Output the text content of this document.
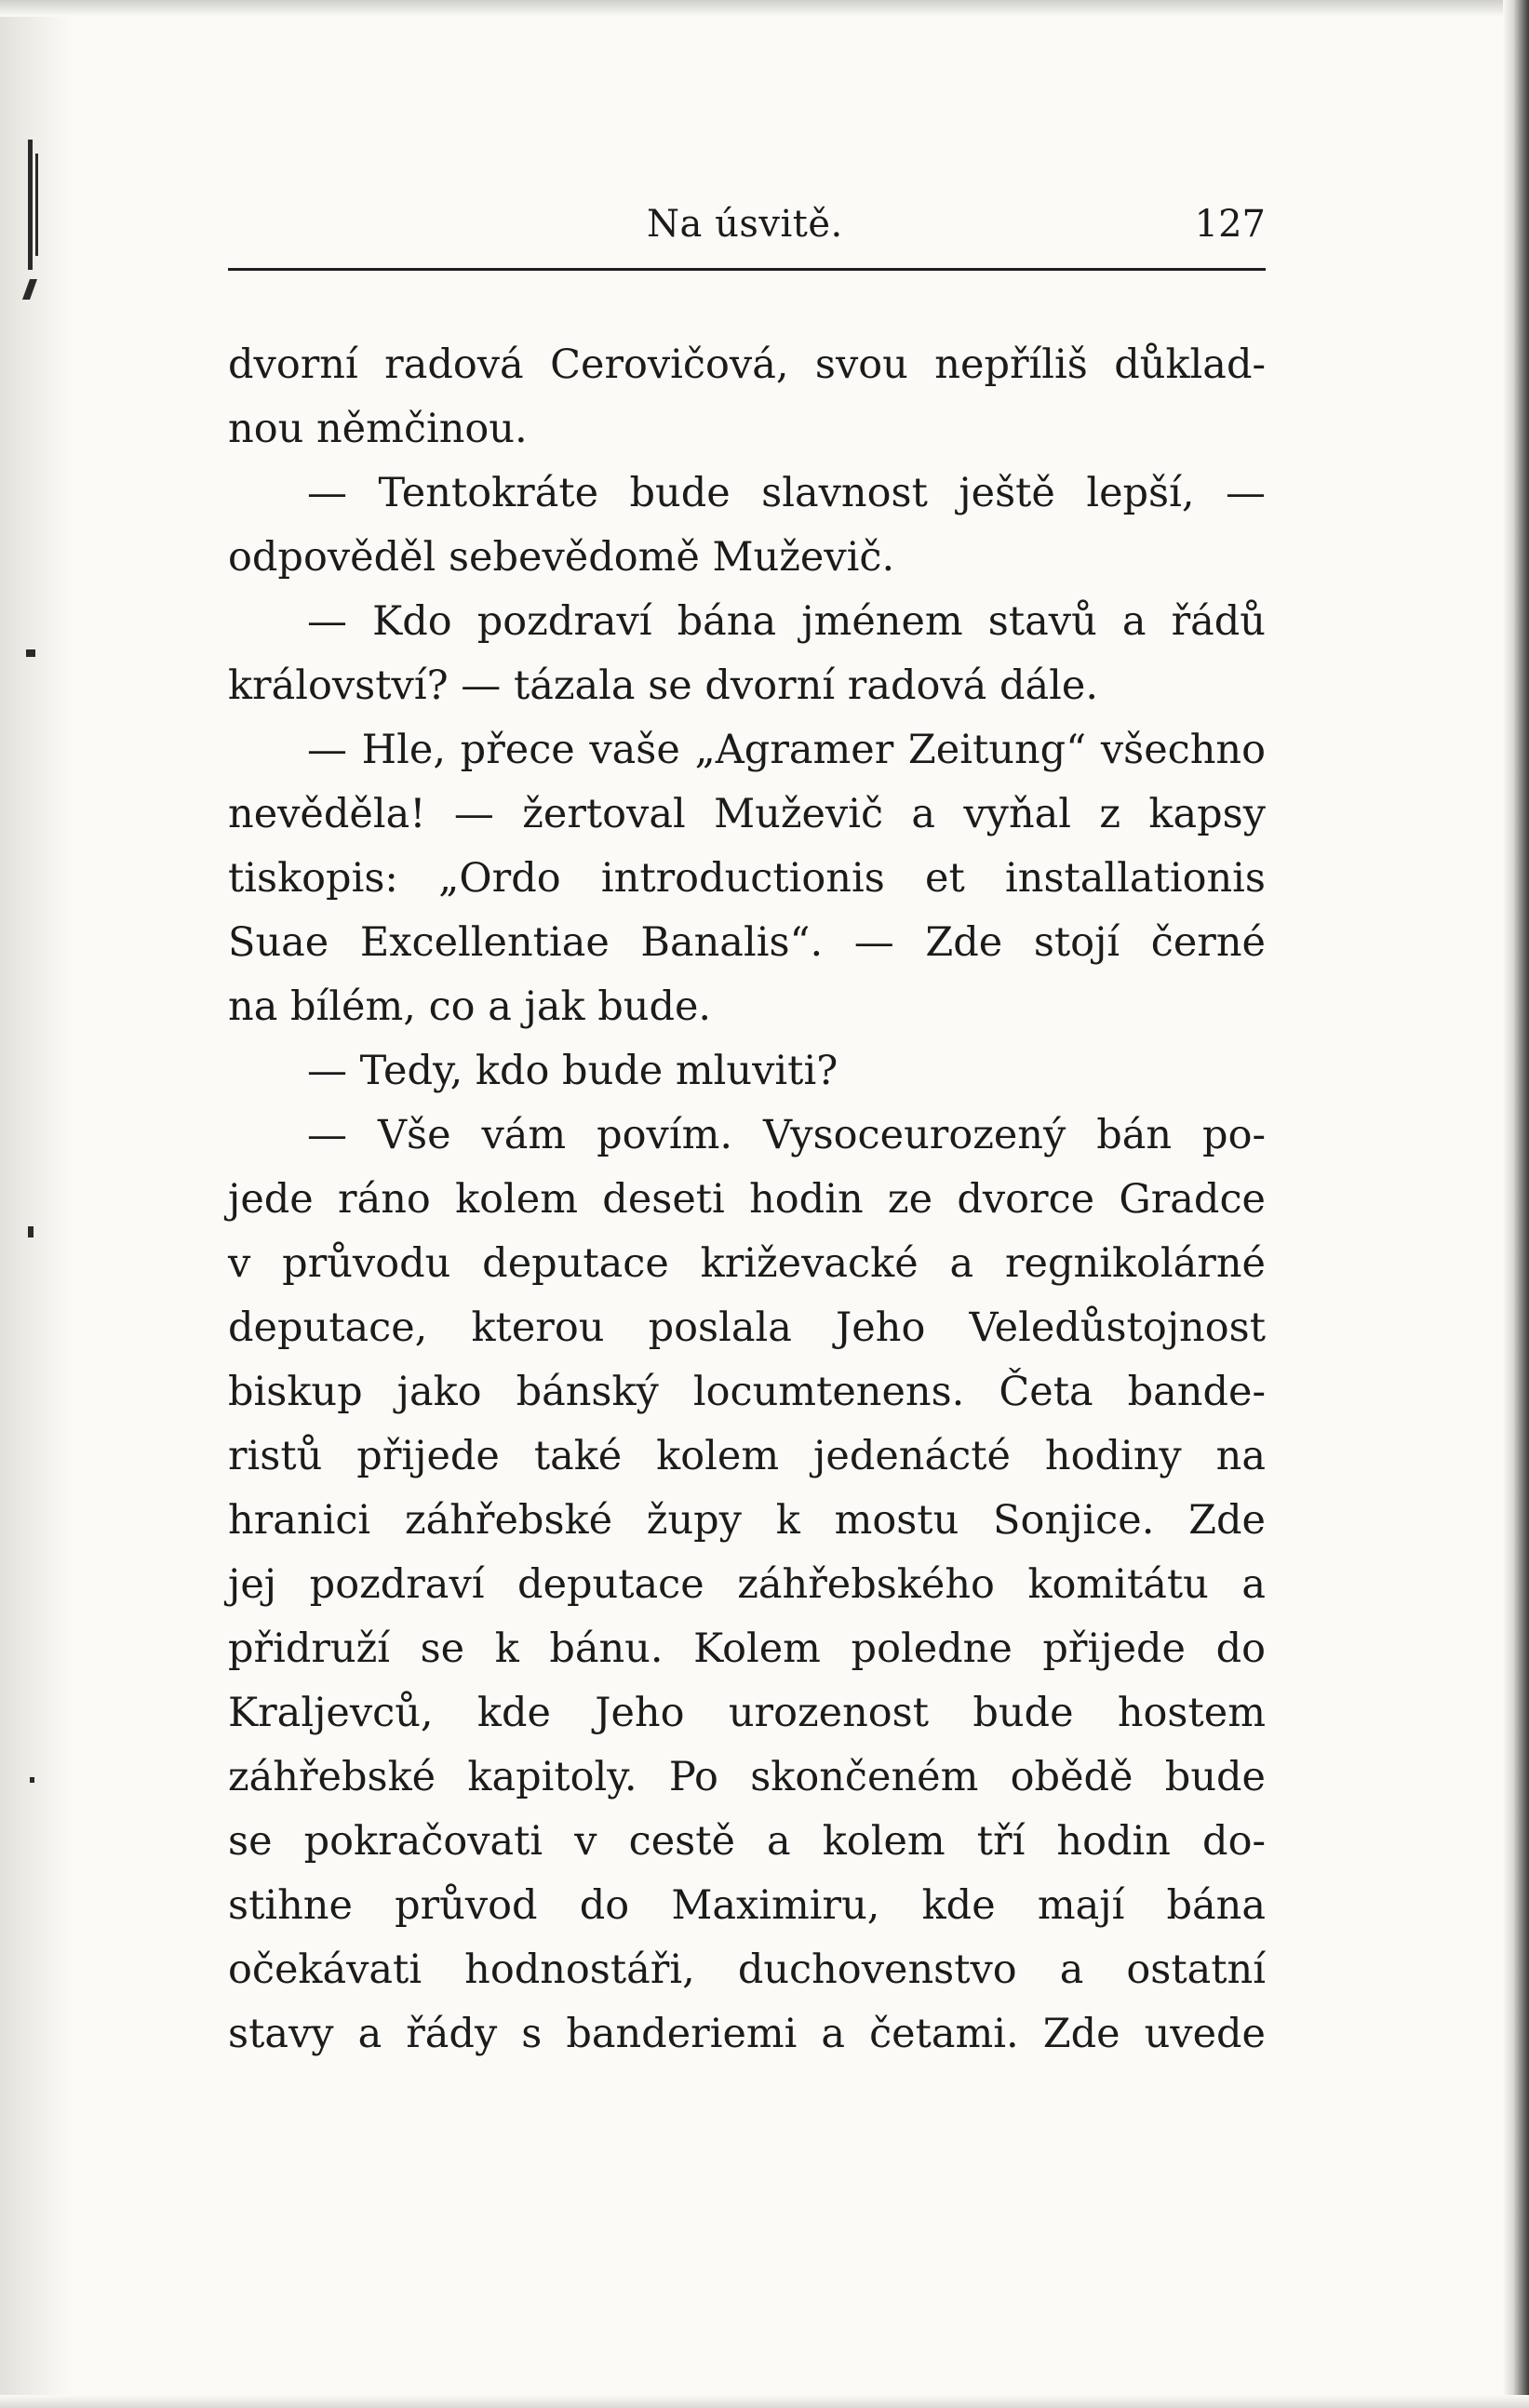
Na úsvitě.	127
dvorní radová Cerovičová, svou nepříliš důklad-
nou němčinou.
— Tentokráte bude slavnost ještě lepší, —
odpověděl sebevědomě Muževič.
— Kdo pozdraví bána jménem stavů a řádů
království? — tázala se dvorní radová dále.
— Hle, přece vaše „Agramer Zeitung“ všechno
nevěděla! — žertoval Muževič a vyňal z kapsy
tiskopis: „Ordo introductionis et installationis
Suae Excellentiae Banalis“. — Zde stojí černé
na bílém, co a jak bude.
— Tedy, kdo bude mluviti?
— Vše vám povím. Vysoceurozený bán po-
jede ráno kolem deseti hodin ze dvorce Gradce
v průvodu deputace križevacké a regnikolárné
deputace, kterou poslala Jeho Veledůstojnost
biskup jako bánský locumtenens. Četa bande-
ristů přijede také kolem jedenácté hodiny na
hranici záhřebské župy k mostu Sonjice. Zde
jej pozdraví deputace záhřebského komitátu a
přidruží se k bánu. Kolem poledne přijede do
Kraljevců, kde Jeho urozenost bude hostem
záhřebské kapitoly. Po skončeném obědě bude
se pokračovati v cestě a kolem tří hodin do-
stihne průvod do Maximiru, kde mají bána
očekávati hodnostáři, duchovenstvo a ostatní
stavy a řády s banderiemi a četami. Zde uvede
